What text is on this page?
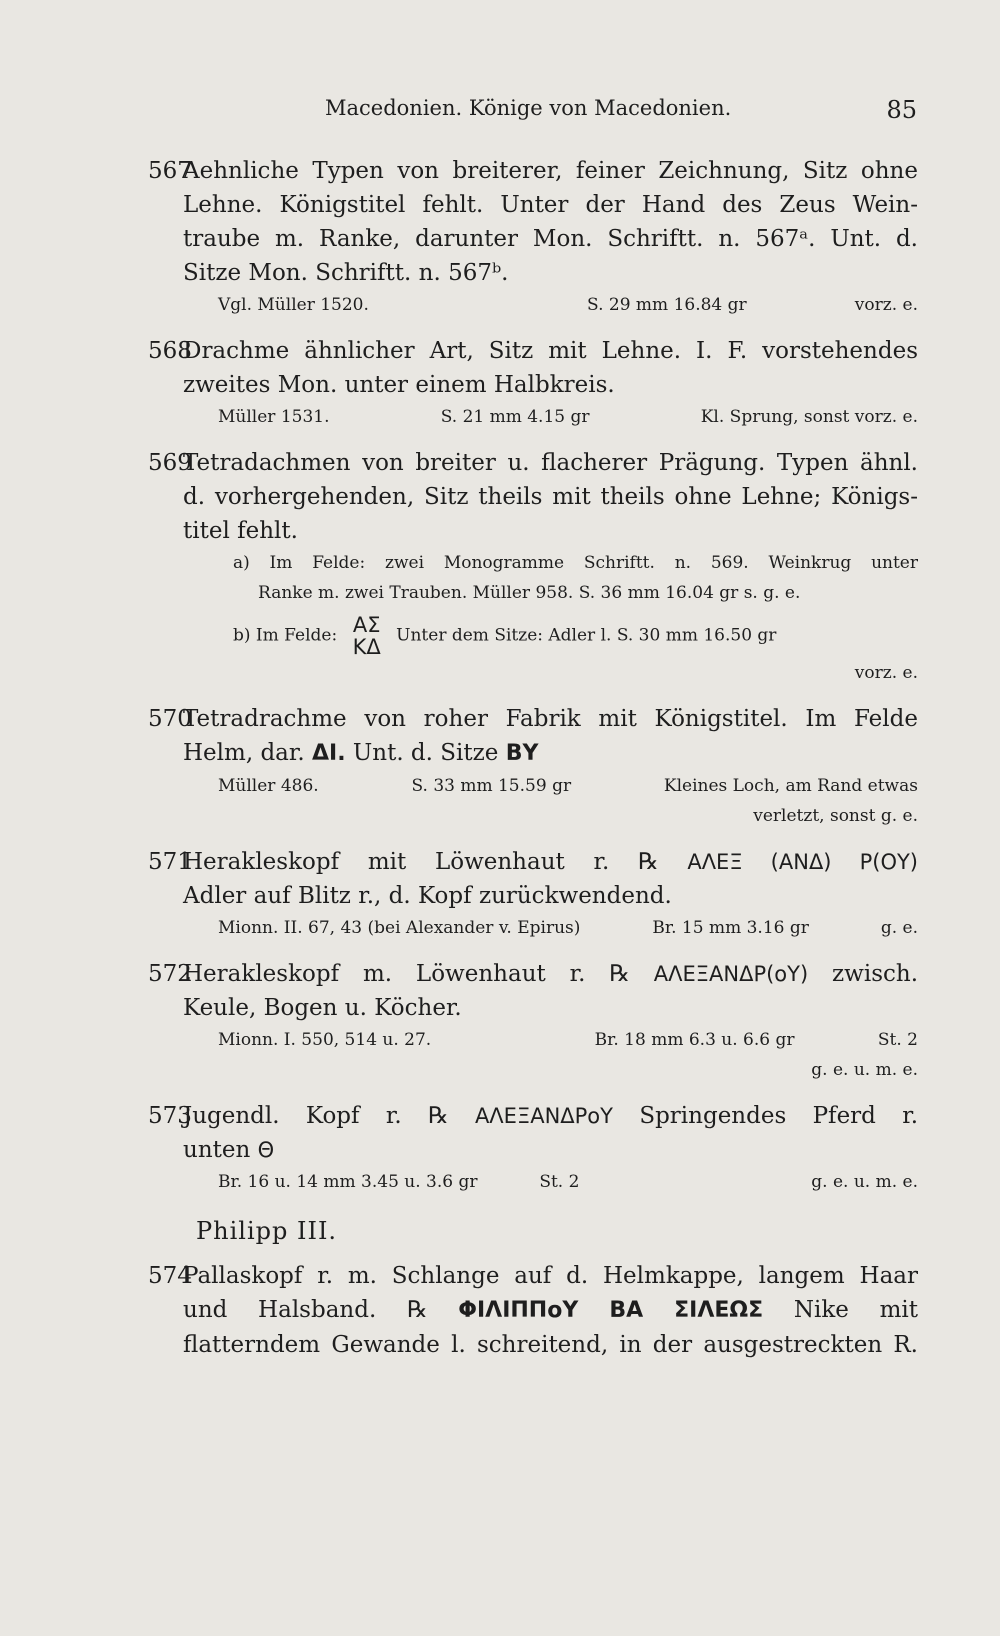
Macedonien. Könige von Macedonien.	85
567
Aehnliche Typen von breiterer, feiner Zeichnung, Sitz ohne
Lehne. Königstitel fehlt. Unter der Hand des Zeus Wein-
traube m. Ranke, darunter Mon. Schriftt. n. 567ᵃ. Unt. d.
Sitze Mon. Schriftt. n. 567ᵇ.
Vgl. Müller 1520.	S. 29 mm 16.84 gr	vorz. e.
568
Drachme ähnlicher Art, Sitz mit Lehne. I. F. vorstehendes
zweites Mon. unter einem Halbkreis.
Müller 1531.	S. 21 mm 4.15 gr	Kl. Sprung, sonst vorz. e.
569
Tetradachmen von breiter u. flacherer Prägung. Typen ähnl.
d. vorhergehenden, Sitz theils mit theils ohne Lehne; Königs-
titel fehlt.
a) Im Felde: zwei Monogramme Schriftt. n. 569. Weinkrug unter
Ranke m. zwei Trauben. Müller 958. S. 36 mm 16.04 gr s. g. e.
b) Im Felde: ΑΣ
ΚΔ Unter dem Sitze: Adler l. S. 30 mm 16.50 gr
vorz. e.
570
Tetradrachme von roher Fabrik mit Königstitel. Im Felde
Helm, dar. ΔΙ. Unt. d. Sitze ΒΥ
Müller 486.	S. 33 mm 15.59 gr	Kleines Loch, am Rand etwas
verletzt, sonst g. e.
571
Herakleskopf mit Löwenhaut r. ℞ ΑΛΕΞ (ΑΝΔ) Ρ(ΟΥ)
Adler auf Blitz r., d. Kopf zurückwendend.
Mionn. II. 67, 43 (bei Alexander v. Epirus)	Br. 15 mm 3.16 gr	g. e.
572
Herakleskopf m. Löwenhaut r. ℞ ΑΛΕΞΑΝΔΡ(οΥ) zwisch.
Keule, Bogen u. Köcher.
Mionn. I. 550, 514 u. 27.	Br. 18 mm 6.3 u. 6.6 gr	St. 2
g. e. u. m. e.
573
Jugendl. Kopf r. ℞ ΑΛΕΞΑΝΔΡοΥ Springendes Pferd r.
unten Θ
Br. 16 u. 14 mm 3.45 u. 3.6 gr	St. 2	g. e. u. m. e.
Philipp III.
574
Pallaskopf r. m. Schlange auf d. Helmkappe, langem Haar
und Halsband. ℞ ΦΙΛΙΠΠοΥ ΒΑ ΣΙΛΕΩΣ Nike mit
flatterndem Gewande l. schreitend, in der ausgestreckten R.
